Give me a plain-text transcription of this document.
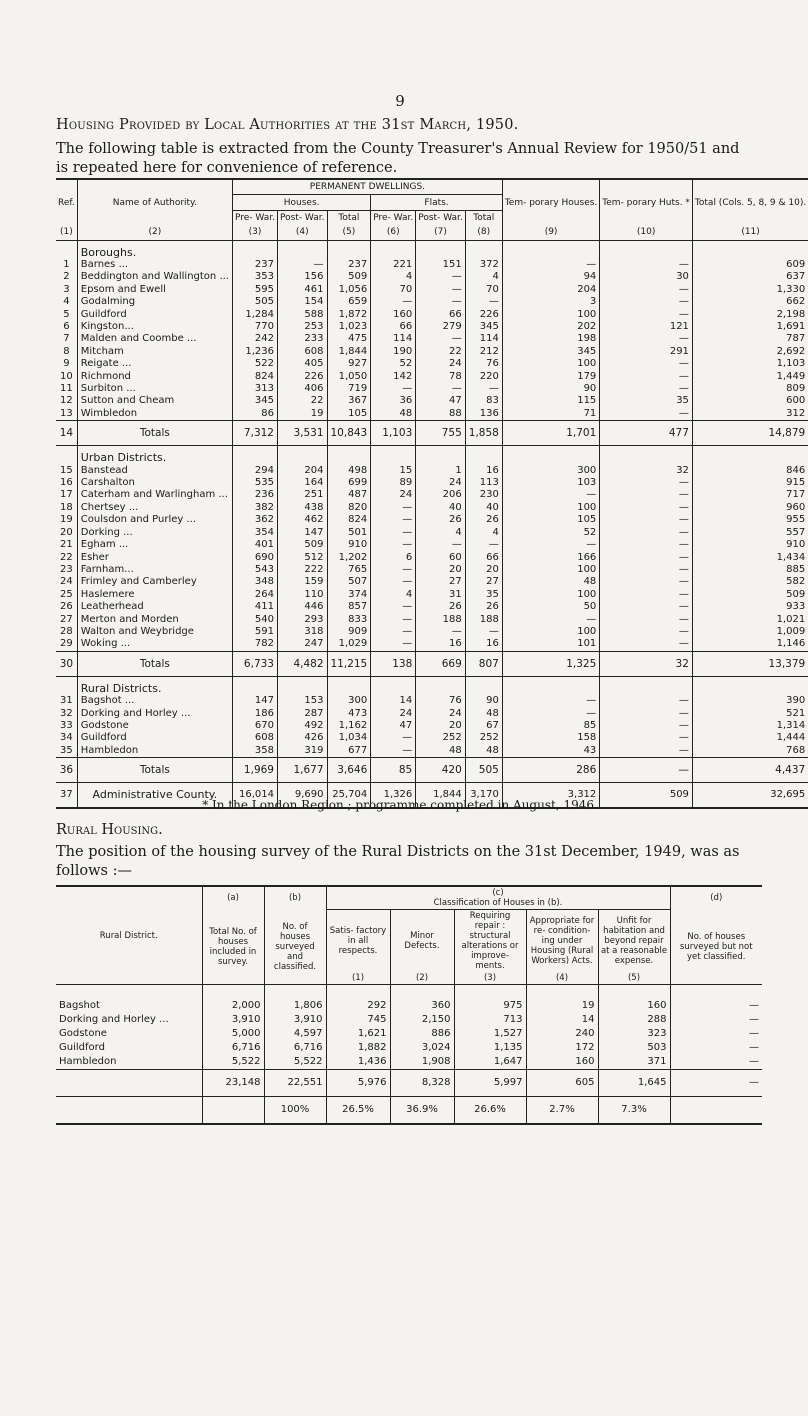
9
Housing Provided by Local Authorities at the 31st March, 1950.
The following table is extracted from the County Treasurer's Annual Review for 1950/51 and is repeated here for convenience of reference.
Ref.	Name of Authority.	PERMANENT DWELLINGS.						Tem- porary Houses.	Tem- porary Huts. *	Total (Cols. 5, 8, 9 & 10).
		Houses.			Flats.					
		Pre- War.	Post- War.	Total	Pre- War.	Post- War.	Total			
(1)	(2)	(3)	(4)	(5)	(6)	(7)	(8)	(9)	(10)	(11)
	Boroughs.									
1	Barnes ...	237	—	237	221	151	372	—	—	609
2	Beddington and Wallington ...	353	156	509	4	—	4	94	30	637
3	Epsom and Ewell	595	461	1,056	70	—	70	204	—	1,330
4	Godalming	505	154	659	—	—	—	3	—	662
5	Guildford	1,284	588	1,872	160	66	226	100	—	2,198
6	Kingston...	770	253	1,023	66	279	345	202	121	1,691
7	Malden and Coombe ...	242	233	475	114	—	114	198	—	787
8	Mitcham	1,236	608	1,844	190	22	212	345	291	2,692
9	Reigate ...	522	405	927	52	24	76	100	—	1,103
10	Richmond	824	226	1,050	142	78	220	179	—	1,449
11	Surbiton ...	313	406	719	—	—	—	90	—	809
12	Sutton and Cheam	345	22	367	36	47	83	115	35	600
13	Wimbledon	86	19	105	48	88	136	71	—	312
14	Totals	7,312	3,531	10,843	1,103	755	1,858	1,701	477	14,879
	Urban Districts.									
15	Banstead	294	204	498	15	1	16	300	32	846
16	Carshalton	535	164	699	89	24	113	103	—	915
17	Caterham and Warlingham ...	236	251	487	24	206	230	—	—	717
18	Chertsey ...	382	438	820	—	40	40	100	—	960
19	Coulsdon and Purley ...	362	462	824	—	26	26	105	—	955
20	Dorking ...	354	147	501	—	4	4	52	—	557
21	Egham ...	401	509	910	—	—	—	—	—	910
22	Esher	690	512	1,202	6	60	66	166	—	1,434
23	Farnham...	543	222	765	—	20	20	100	—	885
24	Frimley and Camberley	348	159	507	—	27	27	48	—	582
25	Haslemere	264	110	374	4	31	35	100	—	509
26	Leatherhead	411	446	857	—	26	26	50	—	933
27	Merton and Morden	540	293	833	—	188	188	—	—	1,021
28	Walton and Weybridge	591	318	909	—	—	—	100	—	1,009
29	Woking ...	782	247	1,029	—	16	16	101	—	1,146
30	Totals	6,733	4,482	11,215	138	669	807	1,325	32	13,379
	Rural Districts.									
31	Bagshot ...	147	153	300	14	76	90	—	—	390
32	Dorking and Horley ...	186	287	473	24	24	48	—	—	521
33	Godstone	670	492	1,162	47	20	67	85	—	1,314
34	Guildford	608	426	1,034	—	252	252	158	—	1,444
35	Hambledon	358	319	677	—	48	48	43	—	768
36	Totals	1,969	1,677	3,646	85	420	505	286	—	4,437
37	Administrative County.	16,014	9,690	25,704	1,326	1,844	3,170	3,312	509	32,695
* In the London Region ; programme completed in August, 1946.
Rural Housing.
The position of the housing survey of the Rural Districts on the 31st December, 1949, was as follows :—
Rural District.	(a)	(b)	(c)
Classification of Houses in (b).					(d)
	Total No. of houses included in survey.	No. of houses surveyed and classified.	Satis- factory in all respects.	Minor Defects.	Requiring repair : structural alterations or improve- ments.	Appropriate for re- condition- ing under Housing (Rural Workers) Acts.	Unfit for habitation and beyond repair at a reasonable expense.	No. of houses surveyed but not yet classified.
			(1)	(2)	(3)	(4)	(5)	

Bagshot	2,000	1,806	292	360	975	19	160	—
Dorking and Horley ...	3,910	3,910	745	2,150	713	14	288	—
Godstone	5,000	4,597	1,621	886	1,527	240	323	—
Guildford	6,716	6,716	1,882	3,024	1,135	172	503	—
Hambledon	5,522	5,522	1,436	1,908	1,647	160	371	—
	23,148	22,551	5,976	8,328	5,997	605	1,645	—
		100%	26.5%	36.9%	26.6%	2.7%	7.3%	
